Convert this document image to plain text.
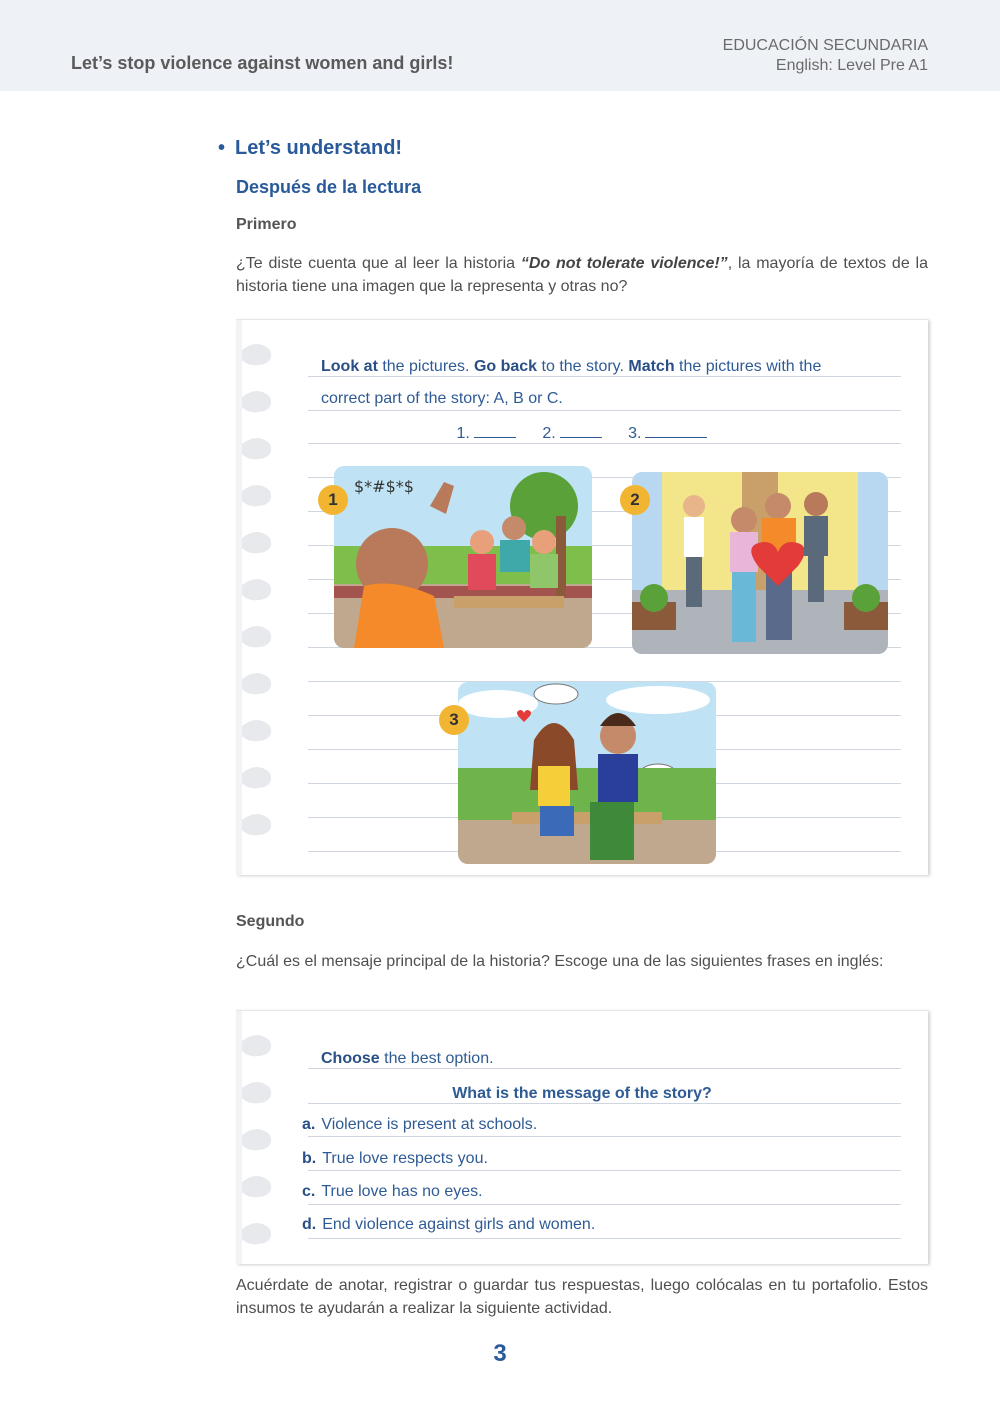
Let’s stop violence against women and girls!
EDUCACIÓN SECUNDARIA
English: Level Pre A1
• Let’s understand!
Después de la lectura
Primero
¿Te diste cuenta que al leer la historia “Do not tolerate violence!”, la mayoría de textos de la historia tiene una imagen que la representa y otras no?
Look at the pictures. Go back to the story. Match the pictures with the
correct part of the story: A, B or C.
1.	2.	3.
$*#$*$
1	2
3
Segundo
¿Cuál es el mensaje principal de la historia? Escoge una de las siguientes frases en inglés:
Choose the best option.
What is the message of the story?
a. Violence is present at schools.
b. True love respects you.
c. True love has no eyes.
d. End violence against girls and women.
Acuérdate de anotar, registrar o guardar tus respuestas, luego colócalas en tu portafolio. Estos insumos te ayudarán a realizar la siguiente actividad.
3
